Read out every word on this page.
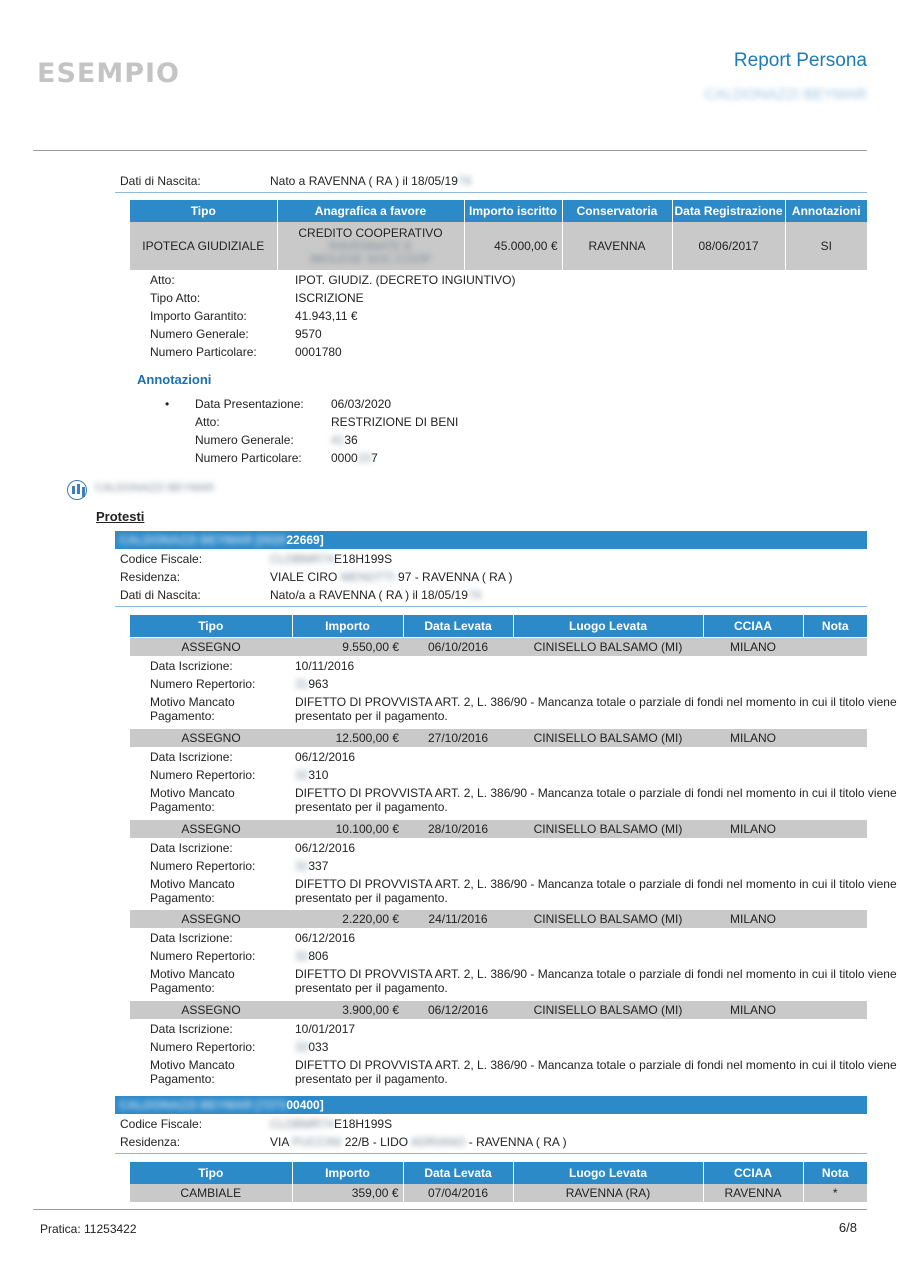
ESEMPIO	Report Persona
CALDONAZZI BEYMAR
Dati di Nascita:	Nato a RAVENNA ( RA ) il 18/05/1974
Tipo	Anagrafica a favore	Importo iscritto	Conservatoria	Data Registrazione	Annotazioni
IPOTECA GIUDIZIALE	CREDITO COOPERATIVO
RAVENNATE E
IMOLESE SOC.COOP	45.000,00 €	RAVENNA	08/06/2017	SI
Atto:	IPOT. GIUDIZ. (DECRETO INGIUNTIVO)
Tipo Atto:	ISCRIZIONE
Importo Garantito:	41.943,11 €
Numero Generale:	9570
Numero Particolare:	0001780
Annotazioni
• Data Presentazione: 06/03/2020
Atto:	RESTRIZIONE DI BENI
Numero Generale:	4136
Numero Particolare: 0000237
CALDONAZZI BEYMAR
Protesti
CALDONAZZI BEYMAR [002022669]
Codice Fiscale:	CLDBMR74E18H199S
Residenza:	VIALE CIRO MENOTTI 97 - RAVENNA ( RA )
Dati di Nascita:	Nato/a a RAVENNA ( RA ) il 18/05/1974
Tipo	Importo	Data Levata	Luogo Levata	CCIAA	Nota
ASSEGNO	9.550,00 €	06/10/2016	CINISELLO BALSAMO (MI)	MILANO
Data Iscrizione:	10/11/2016
Numero Repertorio:	31963
Motivo Mancato
Pagamento:
DIFETTO DI PROVVISTA ART. 2, L. 386/90 - Mancanza totale o parziale di fondi nel momento in cui il titolo viene
presentato per il pagamento.
ASSEGNO	12.500,00 €	27/10/2016	CINISELLO BALSAMO (MI)	MILANO
Data Iscrizione:	06/12/2016
Numero Repertorio:	32310
Motivo Mancato
Pagamento:
DIFETTO DI PROVVISTA ART. 2, L. 386/90 - Mancanza totale o parziale di fondi nel momento in cui il titolo viene
presentato per il pagamento.
ASSEGNO	10.100,00 €	28/10/2016	CINISELLO BALSAMO (MI)	MILANO
Data Iscrizione:	06/12/2016
Numero Repertorio:	32337
Motivo Mancato
Pagamento:
DIFETTO DI PROVVISTA ART. 2, L. 386/90 - Mancanza totale o parziale di fondi nel momento in cui il titolo viene
presentato per il pagamento.
ASSEGNO	2.220,00 €	24/11/2016	CINISELLO BALSAMO (MI)	MILANO
Data Iscrizione:	06/12/2016
Numero Repertorio:	32806
Motivo Mancato
Pagamento:
DIFETTO DI PROVVISTA ART. 2, L. 386/90 - Mancanza totale o parziale di fondi nel momento in cui il titolo viene
presentato per il pagamento.
ASSEGNO	3.900,00 €	06/12/2016	CINISELLO BALSAMO (MI)	MILANO
Data Iscrizione:	10/01/2017
Numero Repertorio:	33033
Motivo Mancato
Pagamento:
DIFETTO DI PROVVISTA ART. 2, L. 386/90 - Mancanza totale o parziale di fondi nel momento in cui il titolo viene
presentato per il pagamento.
CALDONAZZI BEYMAR [727300400]
Codice Fiscale:	CLDBMR74E18H199S
Residenza:	VIA PUCCINI 22/B - LIDO ADRIANO - RAVENNA ( RA )
Tipo	Importo	Data Levata	Luogo Levata	CCIAA	Nota
CAMBIALE	359,00 €	07/04/2016	RAVENNA (RA)	RAVENNA	*
Pratica: 11253422	6/8
